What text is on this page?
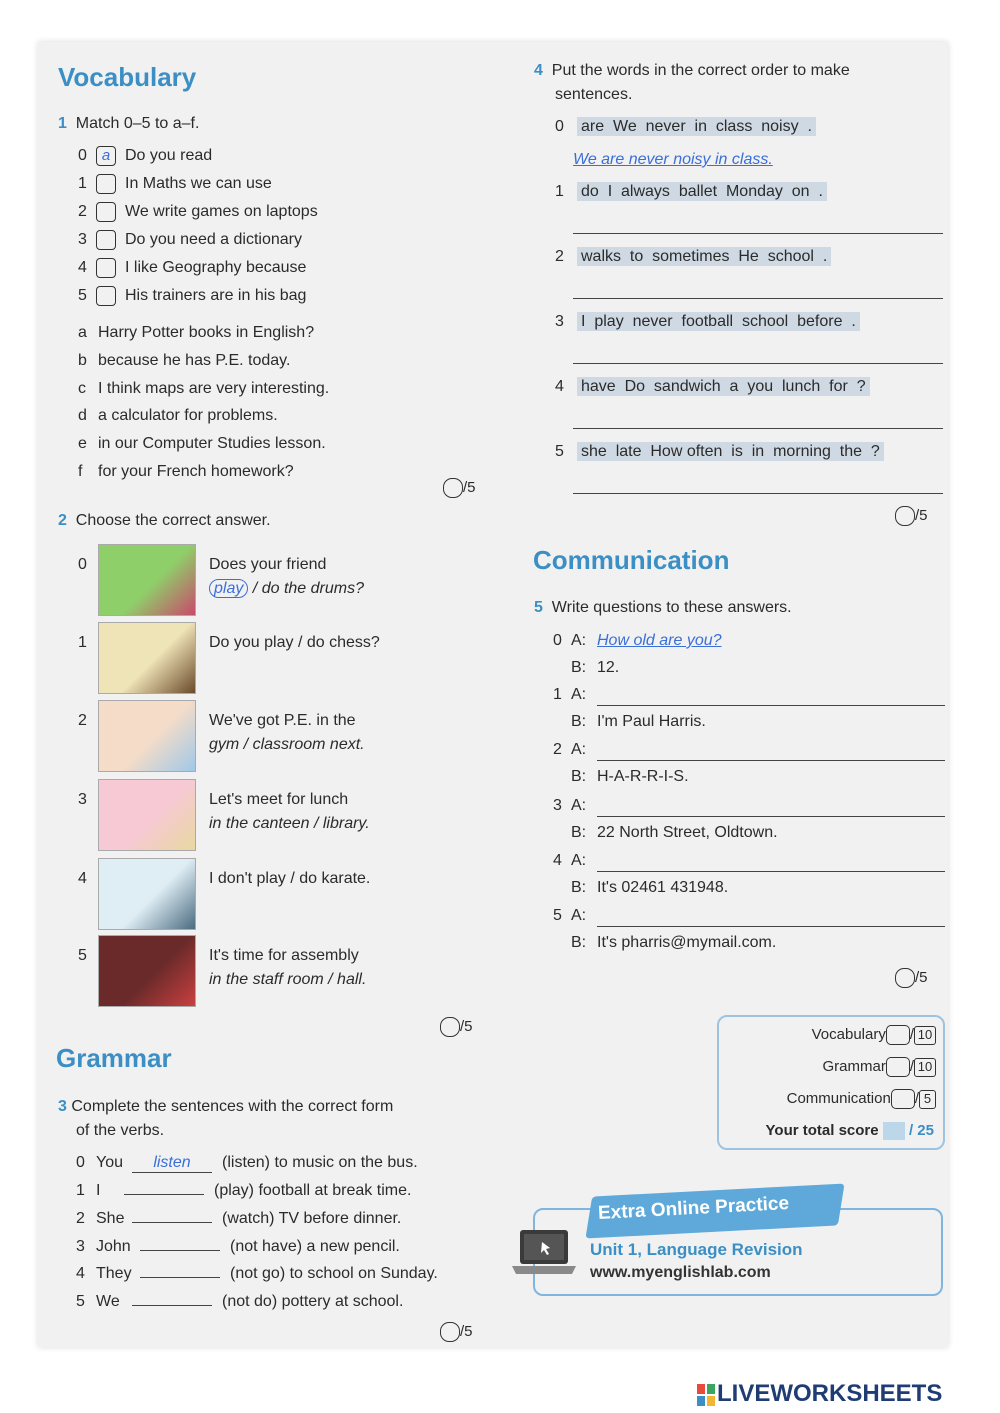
Vocabulary
1 Match 0–5 to a–f.
0 a Do you read
1 In Maths we can use
2 We write games on laptops
3 Do you need a dictionary
4 I like Geography because
5 His trainers are in his bag
a Harry Potter books in English?
b because he has P.E. today.
c I think maps are very interesting.
d a calculator for problems.
e in our Computer Studies lesson.
f for your French homework?
/5
2 Choose the correct answer.
0	Does your friend
play / do the drums?
1	Do you play / do chess?
2	We've got P.E. in the
gym / classroom next.
3	Let's meet for lunch
in the canteen / library.
4	I don't play / do karate.
5	It's time for assembly
in the staff room / hall.
/5
Grammar
3 Complete the sentences with the correct form
of the verbs.
0 You listen (listen) to music on the bus.
1 I	(play) football at break time.
2 She	(watch) TV before dinner.
3 John	(not have) a new pencil.
4 They	(not go) to school on Sunday.
5 We	(not do) pottery at school.
/5
4 Put the words in the correct order to make
sentences.
0 are  We  never  in  class  noisy  .
We are never noisy in class.
1 do  I  always  ballet  Monday  on  .
2 walks  to  sometimes  He  school  .
3 I  play  never  football  school  before  .
4 have  Do  sandwich  a  you  lunch  for  ?
5 she  late  How often  is  in  morning  the  ?
/5
Communication
5 Write questions to these answers.
0 A: How old are you?
B: 12.
1 A:
B: I'm Paul Harris.
2 A:
B: H-A-R-R-I-S.
3 A:
B: 22 North Street, Oldtown.
4 A:
B: It's 02461 431948.
5 A:
B: It's pharris@mymail.com.
/5
Vocabulary / 10
Grammar / 10
Communication / 5
Your total score / 25
Extra Online Practice
Unit 1, Language Revision
www.myenglishlab.com
LIVEWORKSHEETS
